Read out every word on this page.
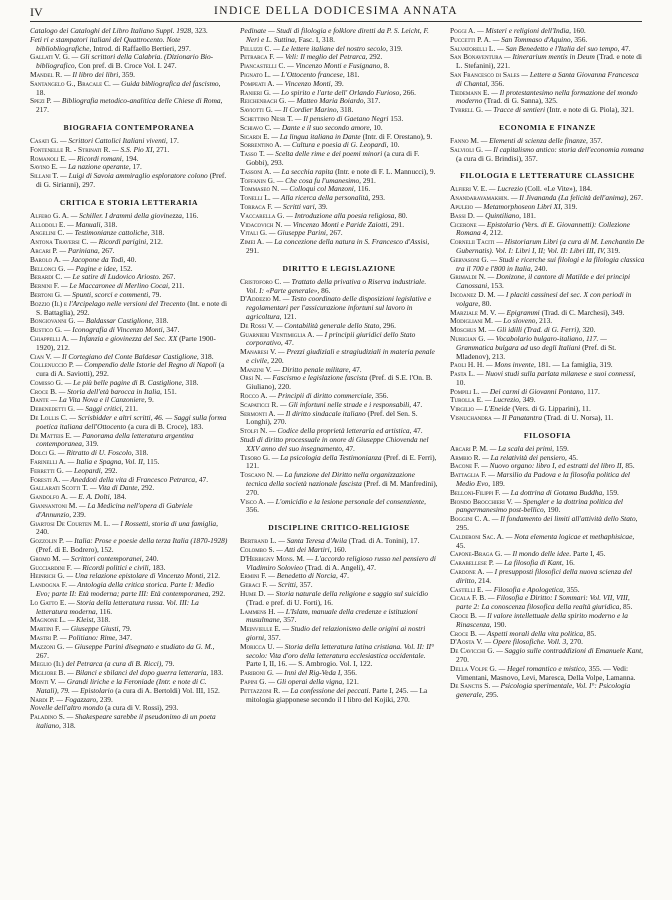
IV	INDICE DELLA DODICESIMA ANNATA

Catalogo dei Cataloghi del Libro Italiano Suppl. 1928, 323.

Feti ri e stampatori italiani del Quattrocento. Note bibliobliografiche, Introd. di Raffaello Bertieri, 297.

Gallati V. G. — Gli scrittori della Calabria. (Dizionario Bio-bibliografico, Con pref. di B. Croce Vol. I. 247.

Mandel R. — Il libro dei libri, 359.

Santangelo G., Bracale C. — Guida bibliografica del fascismo, 18.

Spezi P. — Bibliografia metodico-analitica delle Chiese di Roma, 217.

BIOGRAFIA CONTEMPORANEA

Casati G. — Scrittori Cattolici Italiani viventi, 17.

Fontenelle R. - Strinati R. — S.S. Pio XI, 271.

Romanoli E. — Ricordi romani, 194.

Savino E. — La nazione operante, 17.

Sillani T. — Luigi di Savoia ammiraglio esploratore colono (Pref. di G. Sirianni), 297.

CRITICA E STORIA LETTERARIA

Alfero G. A. — Schiller. I drammi della giovinezza, 116.

Allodoli E. — Manuali, 318.

Angelini C. — Testimonianze cattoliche, 318.

Antona Traversi C. — Ricordi parigini, 212.

Arcari P. — Pariniana, 267.

Barolo A. — Jacopone da Todi, 40.

Bellonci G. — Pagine e idee, 152.

Berardi C. — Le satire di Ludovico Ariosto. 267.

Bernini F. — Le Maccaronee di Merlino Cocai, 211.

Bertoni G. — Spunti, scorci e commenti, 79.

Bozzio (Il) e l'Arcipelago nelle versioni del Trecento (Int. e note di S. Battaglia), 292.

Bongiovanni G. — Baldassar Castiglione, 318.

Bustico G. — Iconografia di Vincenzo Monti, 347.

Chiappelli A. — Infanzia e giovinezza del Sec. XX (Parte 1900-1920), 212.

Cian V. — Il Cortegiano del Conte Baldesar Castiglione, 318.

Collenuccio P. — Compendio delle Istorie del Regno di Napoli (a cura di A. Saviotti), 292.

Comisso G. — Le più belle pagine di B. Castiglione, 318.

Croce B. — Storia dell'età barocca in Italia, 151.

Dante — La Vita Nova e il Canzoniere, 9.

Debenedetti G. — Saggi critici, 211.

De Lollis C. — Scrisbidder e altri scritti, 46. — Saggi sulla forma poetica italiana dell'Ottocento (a cura di B. Croce), 183.

De Matteis E. — Panorama della letteratura argentina contemporanea, 319.

Dolci G. — Ritratto di U. Foscolo, 318.

Farinelli A. — Italia e Spagna, Vol. II, 115.

Ferretti G. — Leopardi, 292.

Foresti A. — Aneddoti della vita di Francesco Petrarca, 47.

Gallarati Scotti T. — Vita di Dante, 292.

Gandolfo A. — E. A. Dolti, 184.

Giannantoni M. — La Medicina nell'opera di Gabriele d'Annunzio, 239.

Giartosi De Courten M. L. — I Rossetti, storia di una famiglia, 240.

Gozzolin P. — Italia: Prose e poesie della terza Italia (1870-1928) (Pref. di E. Bodrero), 152.

Gromo M. — Scrittori contemporanei, 240.

Gucciardini F. — Ricordi politici e civili, 183.

Heinrich G. — Una relazione epistolare di Vincenzo Monti, 212.

Landogna F. — Antologia della critica storica. Parte I: Medio Evo; parte II: Età moderna; parte III: Età contemporanea, 292.

Lo Gatto E. — Storia della letteratura russa. Vol. III: La letteratura moderna, 116.

Magnone L. — Kleist, 318.

Martini F. — Giuseppe Giusti, 79.

Mastri P. — Politiano: Rime, 347.

Mazzoni G. — Giuseppe Parini disegnato e studiato da G. M., 267.

Meglio (Il) del Petrarca (a cura di B. Ricci), 79.

Migliore B. — Bilanci e sbilanci del dopo guerra letteraria, 183.

Monti V. — Grandi liriche e la Feroniade (Intr. e note di C. Natali), 79. — Epistolario (a cura di A. Bertoldi) Vol. III, 152.

Nardi P. — Fogazzaro, 239.

Novelle dell'altro mondo (a cura di V. Rossi), 293.

Paladino S. — Shakespeare sarebbe il pseudonimo di un poeta italiano, 318.

Pedinate — Studi di filologia e folklore diretti da P. S. Leicht, F. Neri e L. Suttina, Fasc. I, 318.

Pellizzi C. — Le lettere italiane del nostro secolo, 319.

Petrarca F. — Veli: Il meglio del Petrarca, 292.

Piancastelli C. — Vincenzo Monti e Fusignano, 8.

Pignato L. — L'Ottocento francese, 181.

Pompeati A. — Vincenzo Monti, 39.

Ranieri G. — Lo spirito e l'arte dell' Orlando Furioso, 266.

Reichenbach G. — Matteo Maria Boiardo, 317.

Saviotti G. — Il Cordier Marino, 318.

Schettino Nesr T. — Il pensiero di Gaetano Negri 153.

Schiavo C. — Dante e il suo secondo amore, 10.

Sicardi E. — La lingua italiana in Dante (Intr. di F. Orestano), 9.

Sorrentino A. — Cultura e poesia di G. Leopardi, 10.

Tasso T. — Scelta delle rime e dei poemi minori (a cura di F. Gobbi), 293.

Tassoni A. — La secchia rapita (Intr. e note di F. L. Mannucci), 9.

Toffanin G. — Che cosa fu l'umanesimo, 291.

Tommaseo N. — Colloqui col Manzoni, 116.

Tonelli L. — Alla ricerca della personalità, 293.

Torraca F. — Scritti vari, 39.

Vaccarella G. — Introduzione alla poesia religiosa, 80.

Vidacovich N. — Vincenzo Monti e Paride Zaiotti, 291.

Vitali G. — Giuseppe Parini, 267.

Zimei A. — La concezione della natura in S. Francesco d'Assisi, 291.

DIRITTO E LEGISLAZIONE

Cristoforo C. — Trattato della privativa o Riserva industriale. Vol. I: «Parte generale», 86.

D'Addezio M. — Testo coordinato delle disposizioni legislative e regolamentari per l'assicurazione infortuni sul lavoro in agricoltura, 121.

De Rossi V. — Contabilità generale dello Stato, 296.

Guarnieri Ventimiglia A. — I principii giuridici dello Stato corporativo, 47.

Manaresi V. — Prezzi giudiziali e stragiudiziali in materia penale e civile, 220.

Manzini V. — Diritto penale militare, 47.

Orsi N. — Fascismo e legislazione fascista (Pref. di S.E. l'On. B. Giuliano), 220.

Rocco A. — Principii di diritto commerciale, 356.

Scapaticci R. — Gli infortuni nelle strade e i responsabili, 47.

Sermonti A. — Il diritto sindacale italiano (Pref. del Sen. S. Longhi), 270.

Stolfi N. — Codice della proprietà letteraria ed artistica, 47.

Studi di diritto processuale in onore di Giuseppe Chiovenda nel XXV anno del suo insegnamento, 47.

Tesoro G. — La psicologia della Testimonianza (Pref. di E. Ferri), 121.

Toscano N. — La funzione del Diritto nella organizzazione tecnica della società nazionale fascista (Pref. di M. Manfredini), 270.

Visco A. — L'omicidio e la lesione personale del consenziente, 356.

DISCIPLINE CRITICO-RELIGIOSE

Bertrand L. — Santa Teresa d'Avila (Trad. di A. Tonini), 17.

Colombo S. — Atti dei Martiri, 160.

D'Herbigny Mons. M. — L'accordo religioso russo nel pensiero di Vladimiro Solovieo (Trad. di A. Angeli), 47.

Ermini F. — Benedetto di Norcia, 47.

Geraci F. — Scritti, 357.

Hume D. — Storia naturale della religione e saggio sul suicidio (Trad. e pref. di U. Forti), 16.

Lammens H. — L'Islam, manuale della credenze e istituzioni musulmane, 357.

Meinvielle E. — Studio del relazionismo delle origini ai nostri giorni, 357.

Moricca U. — Storia della letteratura latina cristiana. Vol. II: II° secolo: Vita d'oro della letteratura ecclesiastica occidentale. Parte I, II, 16. — S. Ambrogio. Vol. I, 122.

Pariboni G. — Inni del Rig-Veda I, 356.

Papini G. — Gli operai della vigna, 121.

Pettazzoni R. — La confessione dei peccati. Parte I, 245. — La mitologia giapponese secondo il I libro del Kojiki, 270.

Poggi A. — Misteri e religioni dell'India, 160.

Puccetti P. A. — San Tommaso d'Aquino, 356.

Salvatorelli L. — San Benedetto e l'Italia del suo tempo, 47.

San Bonaventura — Itinerarium mentis in Deum (Trad. e note di L. Stefanini), 221.

San Francesco di Sales — Lettere a Santa Giovanna Francesca di Chantal, 356.

Tiedemann E. — Il protestantesimo nella formazione del mondo moderno (Trad. di G. Sanna), 325.

Tyrrell G. — Tracce di sentieri (Intr. e note di G. Piola), 321.

ECONOMIA E FINANZE

Fanno M. — Elementi di scienza delle finanze, 357.

Salvioli G. — Il capitalismo antico: storia dell'economia romana (a cura di G. Brindisi), 357.

FILOLOGIA E LETTERATURE CLASSICHE

Alfieri V. E. — Lucrezio (Coll. «Le Vite»), 184.

Anandarayamakhin. — Il Jivananda (La felicità dell'anima), 267.

Apuleio — Metamorphoseon Libri XI, 319.

Bassi D. — Quintiliano, 181.

Cicerone — Epistolario (Vers. di E. Giovannetti): Collezione Romana 4, 212.

Cornelii Taciti — Historiarum Libri (a cura di M. Lenchantin De Gubernatis). Vol. I: Libri I, II; Vol. II: Libri III, IV, 319.

Gervasoni G. — Studi e ricerche sui filologi e la filologia classica tra il 700 e l'800 in Italia, 240.

Grimaldi N. — Donizone, il cantore di Matilde e dei principi Canossani, 153.

Incoanez D. M. — I placiti cassinesi del sec. X con periodi in volgare, 80.

Marziale M. V. — Epigrammi (Trad. di C. Marchesi), 349.

Modigliani M. — Lo sloveno, 213.

Moschus M. — Gli idilli (Trad. di G. Ferri), 320.

Nurigian G. — Vocabolario bulgaro-italiano, 117. — Grammatica bulgara ad uso degli Italiani (Pref. di St. Mladenov), 213.

Paoli H. H. — Mons invente, 181. — La famiglia, 319.

Pasta L. — Nuovi studi sulla parlata milanese e suoi connessi, 10.

Pompili L. — Dei carmi di Giovanni Pontano, 117.

Turolla E. — Lucrezio, 349.

Virgilio — L'Eneide (Vers. di G. Lipparini), 11.

Visnuchandra — Il Panatantra (Trad. di U. Norsa), 11.

FILOSOFIA

Arcari P. M. — La scala dei primi, 159.

Armbio R. — La relatività dei pensiero, 45.

Bacone F. — Nuovo organo: libro I, ed estratti del libro II, 85.

Battaglia F. — Marsilio da Padova e la filosofia politica del Medio Evo, 189.

Belloni-Filippi F. — La dottrina di Gotama Buddha, 159.

Biondo Brocchieri V. — Spengler e la dottrina politica del pangermanesimo post-bellico, 190.

Boggini C. A. — Il fondamento dei limiti all'attività dello Stato, 295.

Calderoni Sac. A. — Nota elementa logicae et methaphisicae, 45.

Capone-Braga G. — Il mondo delle idee. Parte I, 45.

Carabellese P. — La filosofia di Kant, 16.

Cardone A. — I presupposti filosofici della nuova scienza del diritto, 214.

Castelli E. — Filosofia e Apologetica, 355.

Cicala F. B. — Filosofia e Diritto: I Sommari: Vol. VII, VIII, parte 2: La conoscenza filosofica della realtà giuridica, 85.

Croce B. — Il valore intellettuale della spirito moderno e la Rinascenza, 190.

Croce B. — Aspetti morali della vita politica, 85.

D'Aosta V. — Opere filosofiche. Voll. 3, 270.

De Cavicchi G. — Saggio sulle contraddizioni di Emanuele Kant, 270.

Della Volpe G. — Hegel romantico e mistico, 355. — Vedi: Vimentani, Masnovo, Levi, Maresca, Della Volpe, Lamanna.

De Sanctis S. — Psicologia sperimentale, Vol. I°: Psicologia generale, 295.
